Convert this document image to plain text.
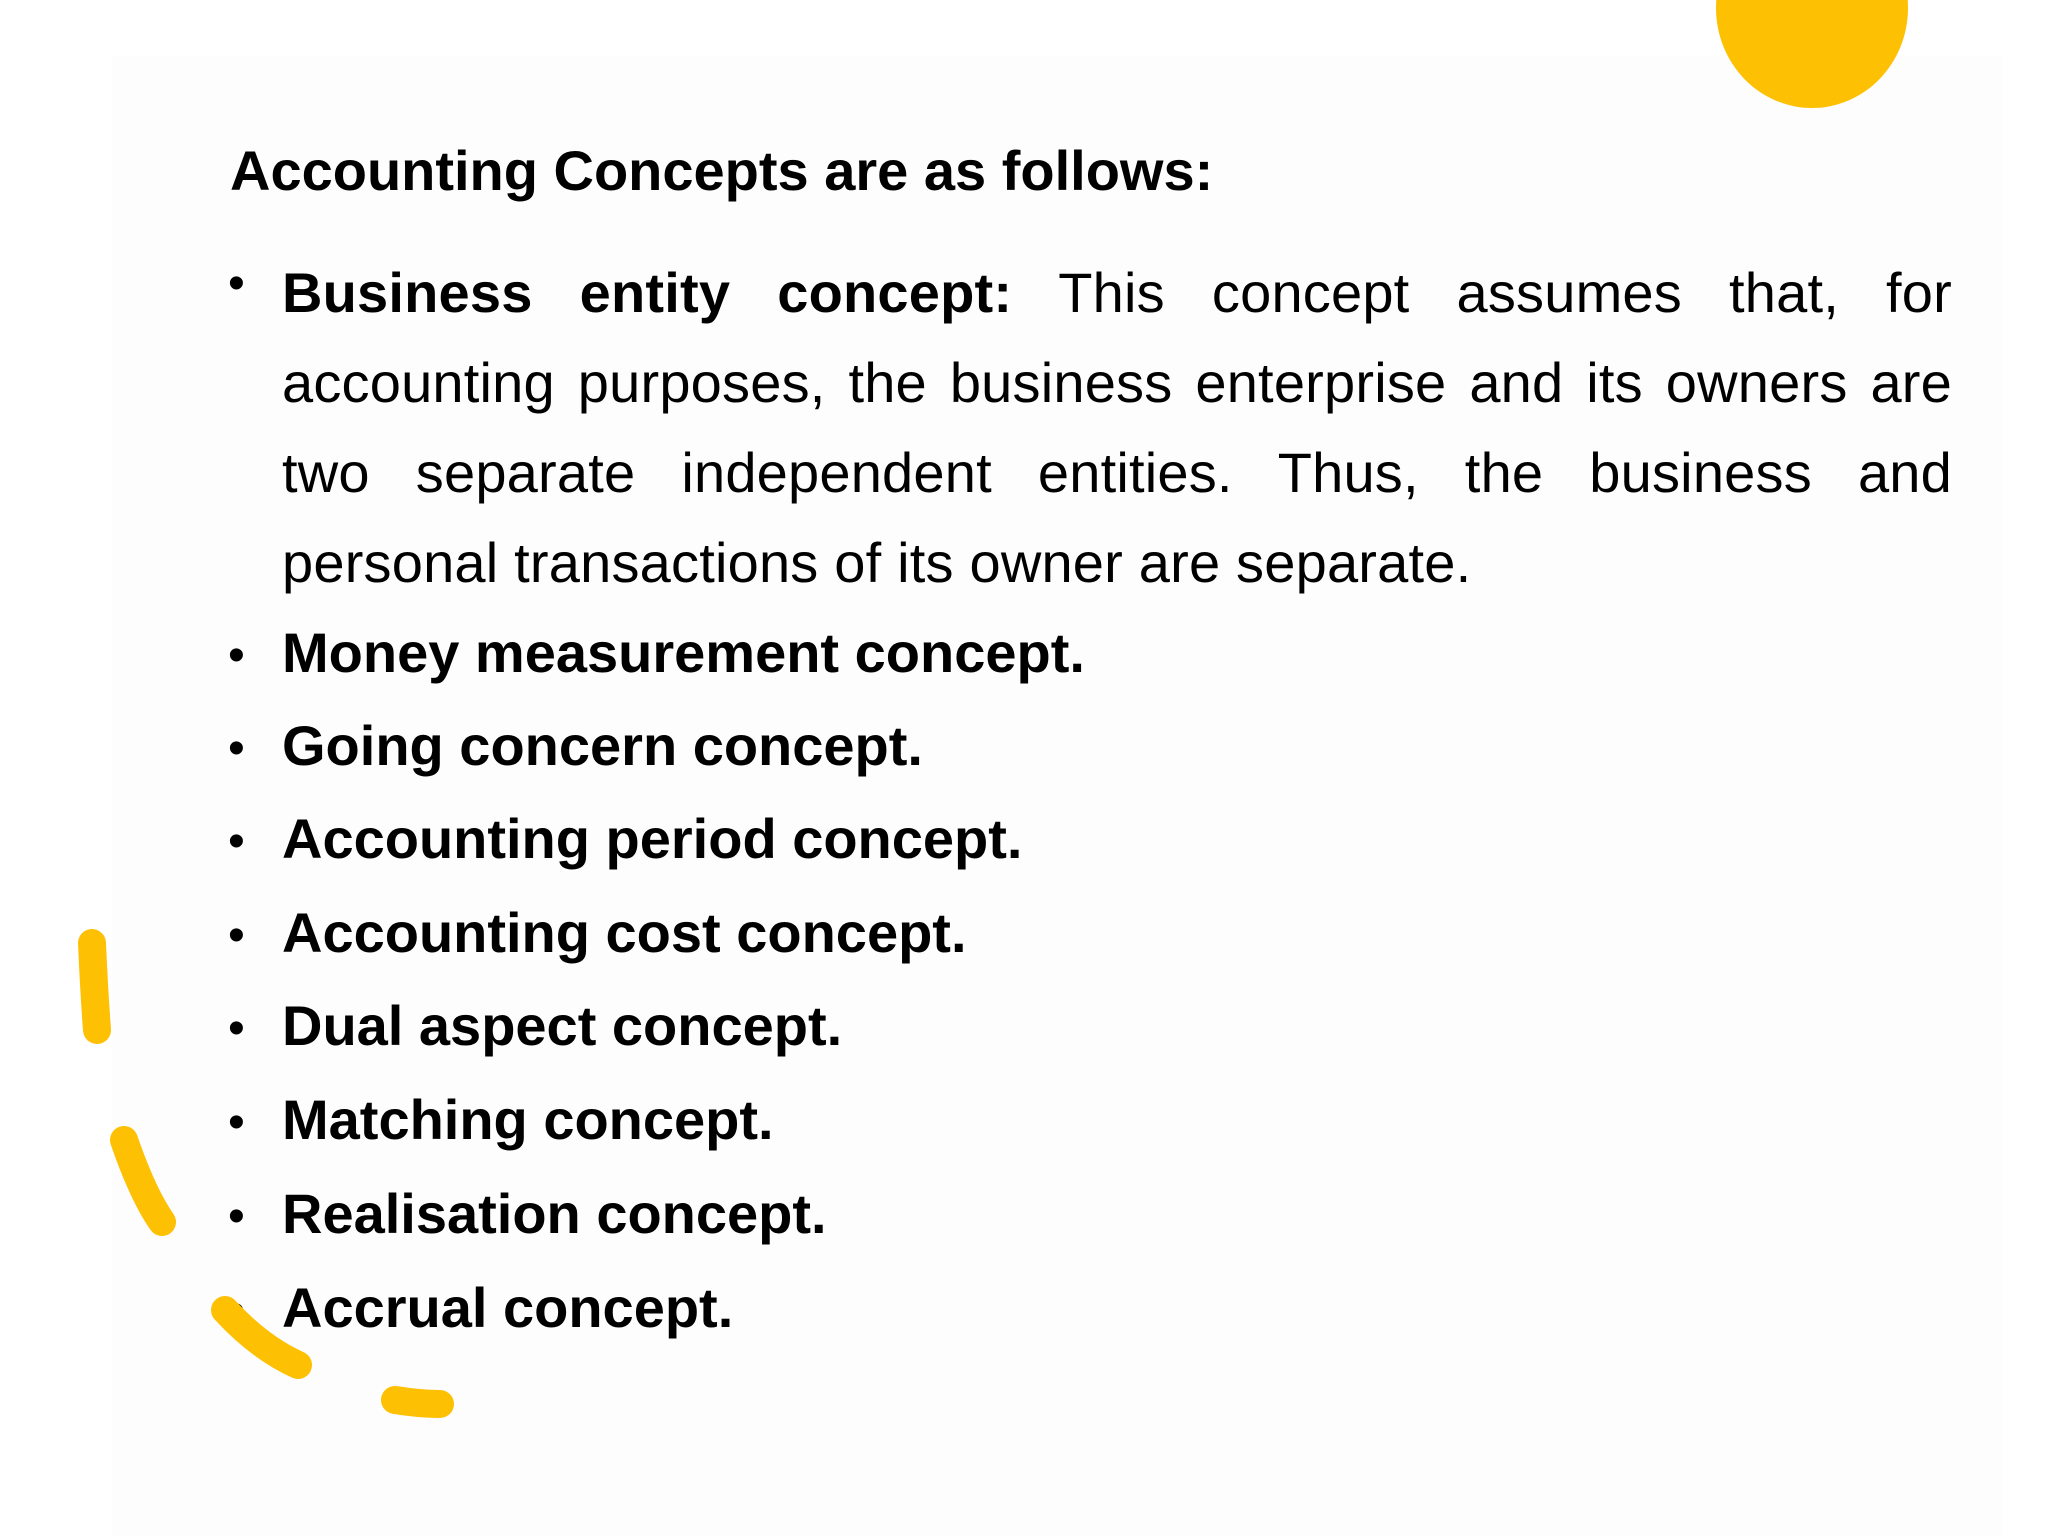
Accounting Concepts are as follows:
• Business entity concept: This concept assumes that, for accounting purposes, the business enterprise and its owners are two separate independent entities. Thus, the business and personal transactions of its owner are separate.
• Money measurement concept.
• Going concern concept.
• Accounting period concept.
• Accounting cost concept.
• Dual aspect concept.
• Matching concept.
• Realisation concept.
• Accrual concept.
